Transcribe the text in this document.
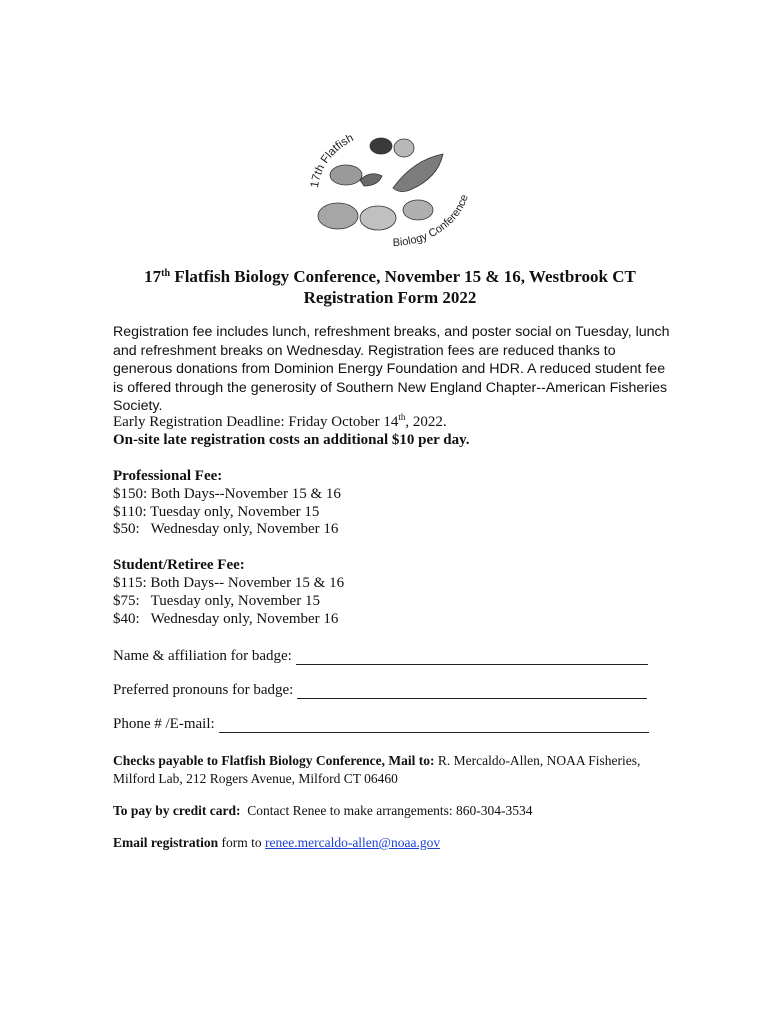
17th Flatfish
Biology Conference
17th Flatfish Biology Conference, November 15 & 16, Westbrook CT
Registration Form 2022
Registration fee includes lunch, refreshment breaks, and poster social on Tuesday, lunch and refreshment breaks on Wednesday. Registration fees are reduced thanks to generous donations from Dominion Energy Foundation and HDR. A reduced student fee is offered through the generosity of Southern New England Chapter--American Fisheries Society.
Early Registration Deadline: Friday October 14th, 2022.
On-site late registration costs an additional $10 per day.
Professional Fee:
$150: Both Days--November 15 & 16
$110: Tuesday only, November 15
$50:   Wednesday only, November 16
Student/Retiree Fee:
$115: Both Days-- November 15 & 16
$75:   Tuesday only, November 15
$40:   Wednesday only, November 16
Name & affiliation for badge:
Preferred pronouns for badge:
Phone # /E-mail:
Checks payable to Flatfish Biology Conference, Mail to: R. Mercaldo-Allen, NOAA Fisheries,
Milford Lab, 212 Rogers Avenue, Milford CT 06460
To pay by credit card:  Contact Renee to make arrangements: 860-304-3534
Email registration form to renee.mercaldo-allen@noaa.gov
